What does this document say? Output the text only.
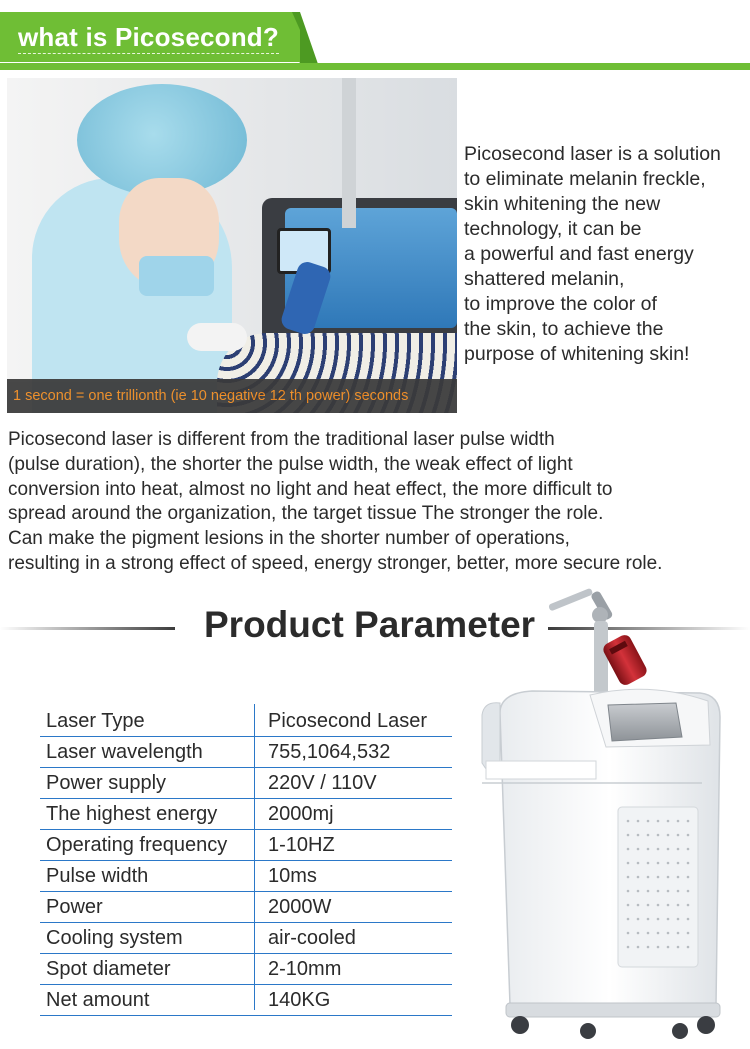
what is Picosecond?
1 second = one trillionth (ie 10 negative 12 th power) seconds
Picosecond laser is a solution
to eliminate melanin freckle,
skin whitening the new
technology, it can be
a powerful and fast energy
shattered melanin,
to improve the color of
the skin, to achieve the
purpose of whitening skin!
Picosecond laser is different from the traditional laser pulse width
(pulse duration), the shorter the pulse width, the weak effect of light
conversion into heat, almost no light and heat effect, the more difficult to
spread around the organization, the target tissue The stronger the role.
Can make the pigment lesions in the shorter number of operations,
resulting in a strong effect of speed, energy stronger, better, more secure role.
Product Parameter
Laser Type	Picosecond Laser
Laser wavelength	755,1064,532
Power supply	220V / 110V
The highest energy	2000mj
Operating frequency 1-10HZ
Pulse width	10ms
Power	2000W
Cooling system	air-cooled
Spot diameter	2-10mm
Net amount	140KG
